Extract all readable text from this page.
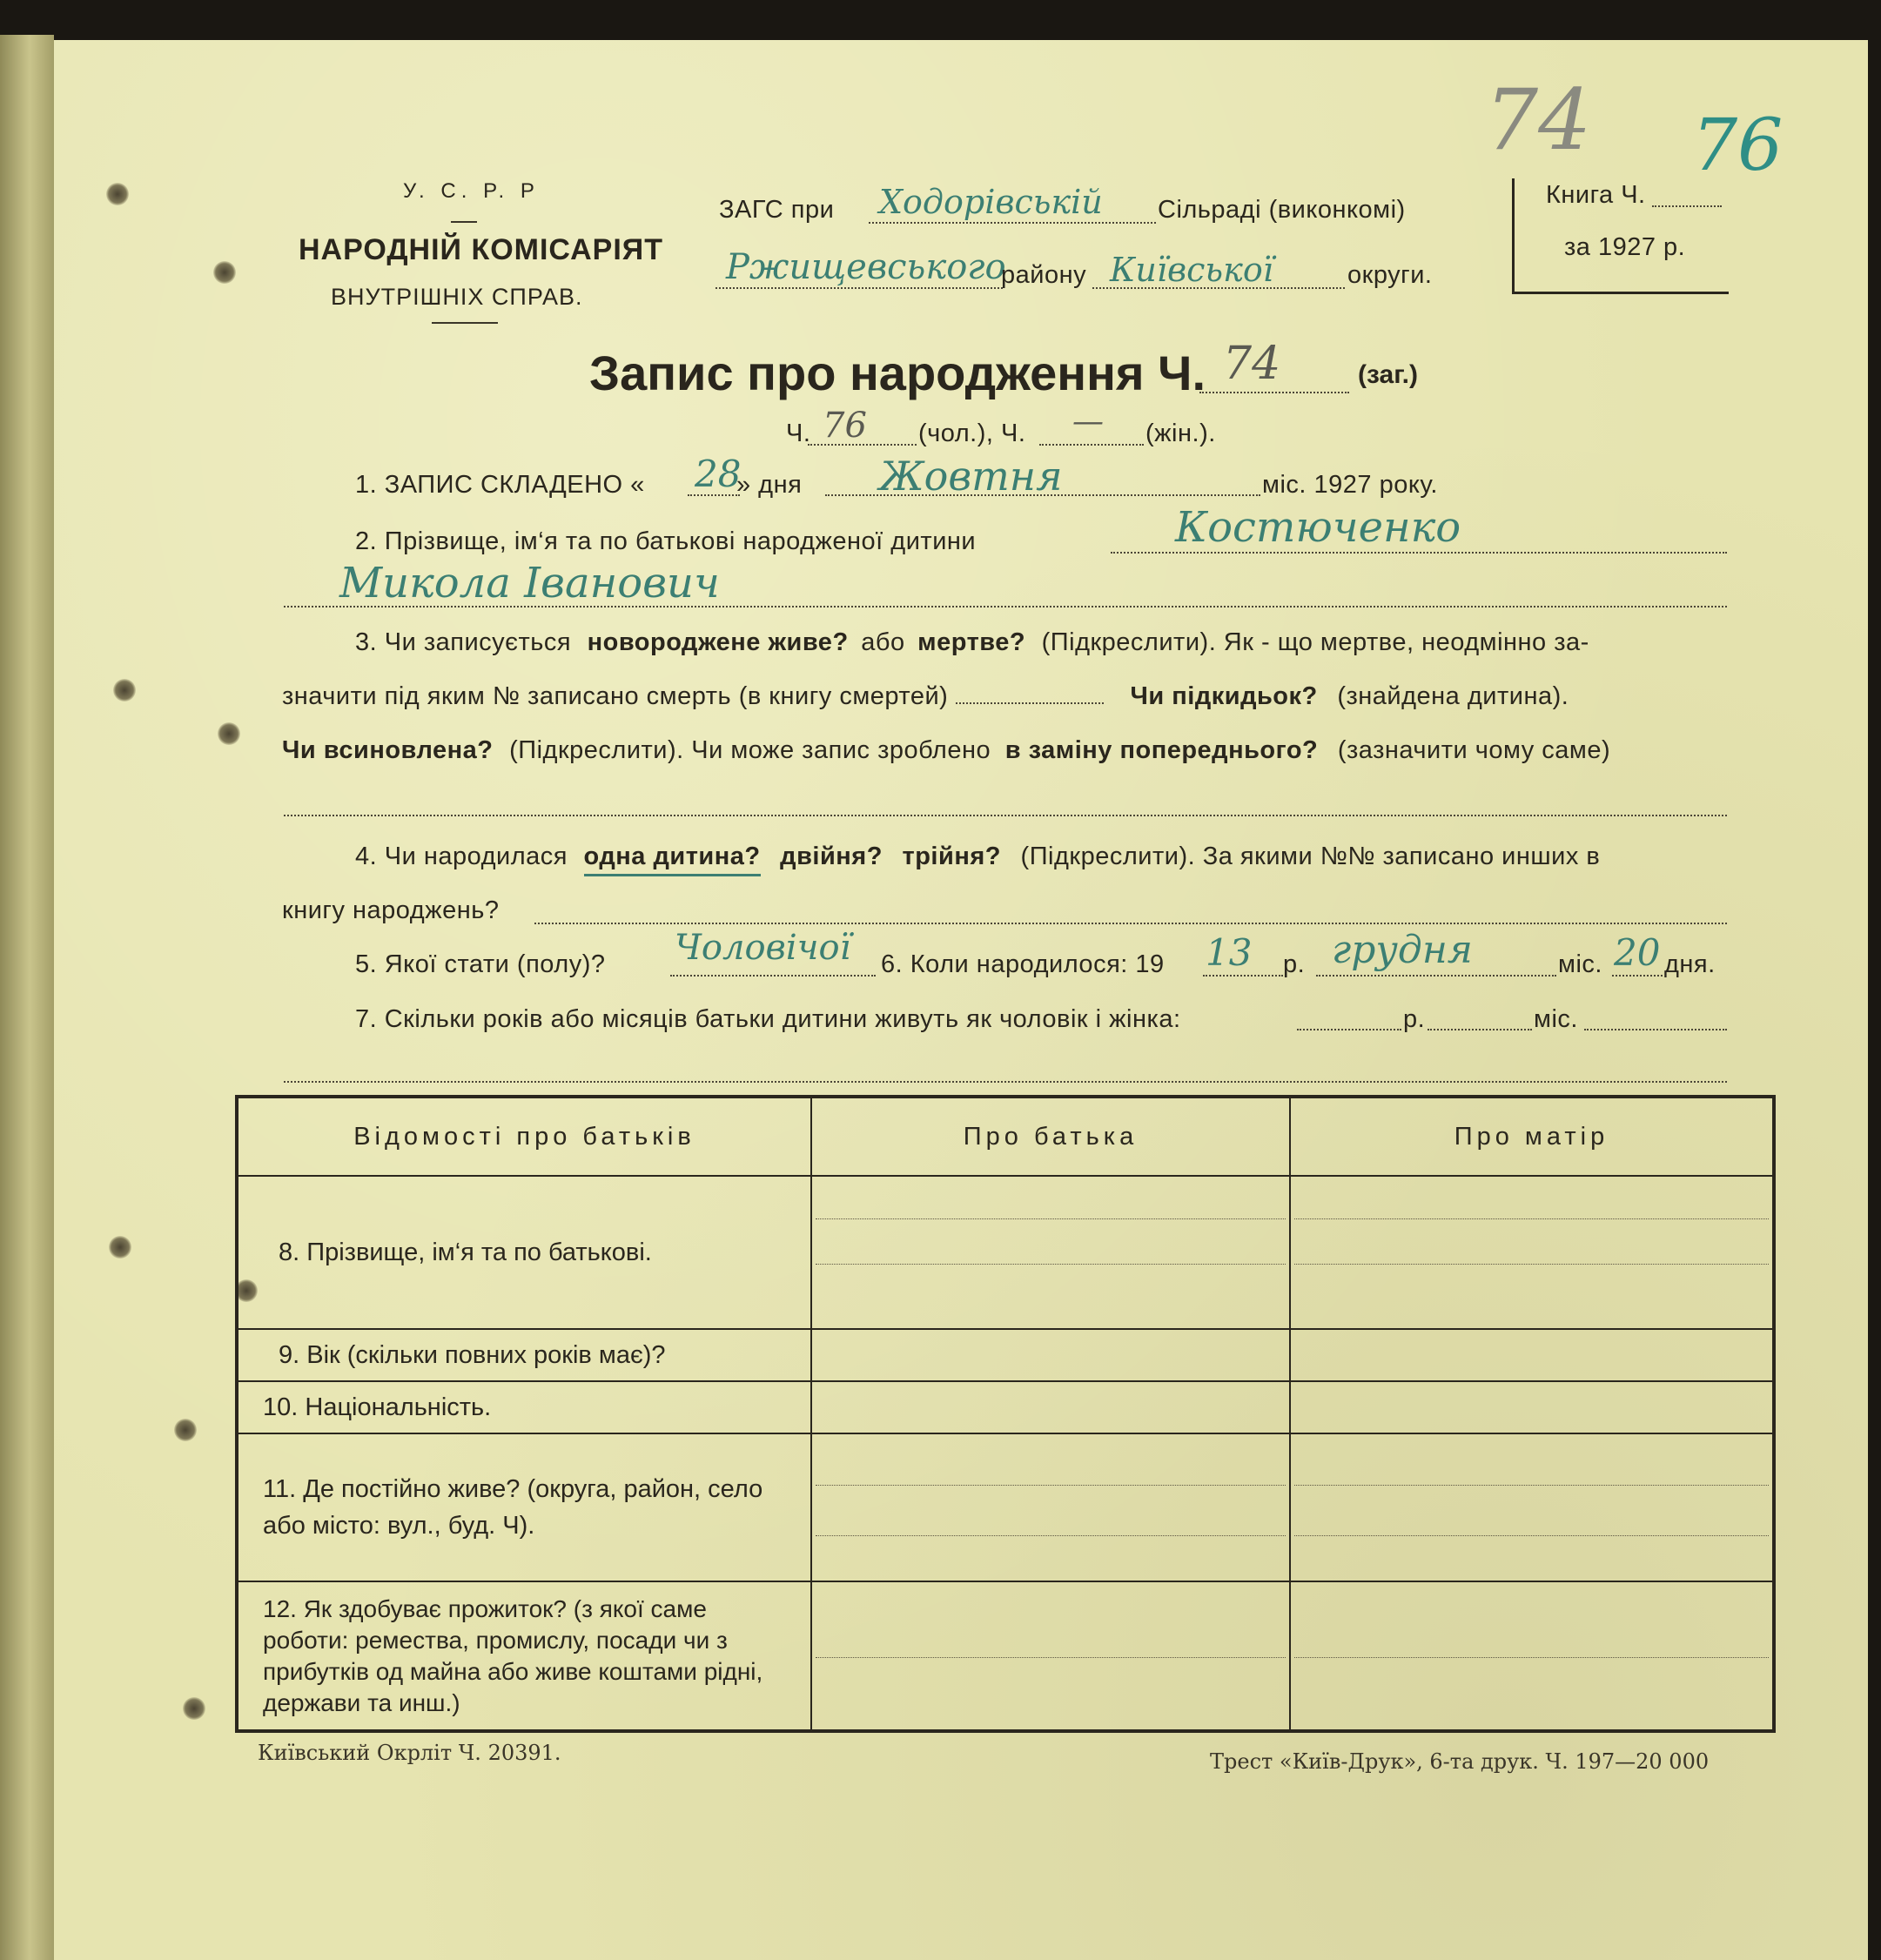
У. С. Р. Р
НАРОДНІЙ КОМІСАРІЯТ
ВНУТРІШНІХ СПРАВ.
ЗАГС при Ходорівській Сільраді (виконкомі)
Ржищевського
району Київської	округи.
Книга Ч.
76
за 1927 р.
74
Запис про народження Ч. 74	(заг.)
Ч. 76 (чол.), Ч. — (жін.).
1. ЗАПИС СКЛАДЕНО « 28
» дня Жовтня	міс. 1927 року.
2. Прізвище, ім‘я та по батькові народженої дитини	Костюченко
Микола Іванович
3. Чи записується новороджене живе? або мертве? (Підкреслити). Як - що мертве, неодмінно за-
значити під яким № записано смерть (в книгу смертей)	Чи підкидьок? (знайдена дитина).
Чи всиновлена? (Підкреслити). Чи може запис зроблено в заміну попереднього? (зазначити чому саме)
4. Чи народилася одна дитина? двійня? трійня? (Підкреслити). За якими №№ записано инших в
книгу народжень?
5. Якої стати (полу)? Чоловічої 6. Коли народилося: 19 13 р. грудня	міс. 20 дня.
7. Скільки років або місяців батьки дитини живуть як чоловік і жінка:	р.	міс.
Відомості про батьків	Про батька	Про матір
8. Прізвище, ім‘я та по батькові.	

9. Вік (скільки повних років має)?		
10. Національність.		
11. Де постійно живе? (округа, район, село або місто: вул., буд. Ч).	

12. Як здобуває прожиток? (з якої саме роботи: ремества, промислу, посади чи з прибутків од майна або живе коштами рідні, держави та инш.)	

Київський Окрліт Ч. 20391.	Трест «Київ-Друк», 6-та друк. Ч. 197—20 000
